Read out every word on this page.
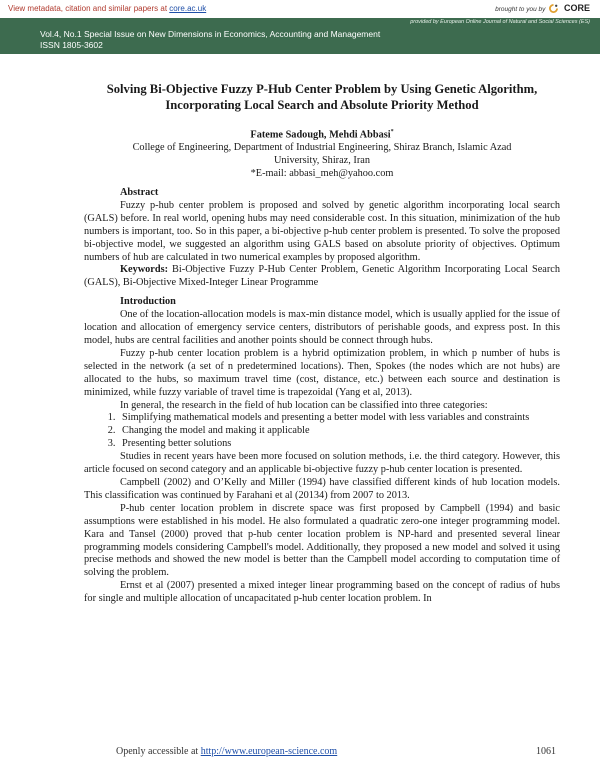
View metadata, citation and similar papers at core.ac.uk	brought to you by CORE
provided by European Online Journal of Natural and Social Sciences (ES)
Vol.4, No.1 Special Issue on New Dimensions in Economics, Accounting and Management
ISSN 1805-3602
Solving Bi-Objective Fuzzy P-Hub Center Problem by Using Genetic Algorithm,
Incorporating Local Search and Absolute Priority Method

Fateme Sadough, Mehdi Abbasi*

College of Engineering, Department of Industrial Engineering, Shiraz Branch, Islamic Azad

University, Shiraz, Iran

*E-mail: abbasi_meh@yahoo.com

Abstract

Fuzzy p-hub center problem is proposed and solved by genetic algorithm incorporating local search (GALS) before. In real world, opening hubs may need considerable cost. In this situation, minimization of the hub numbers is important, too. So in this paper, a bi-objective p-hub center problem is presented. To solve the proposed bi-objective model, we suggested an algorithm using GALS based on absolute priority of objectives. Optimum numbers of hub are calculated in two numerical examples by proposed algorithm.

Keywords: Bi-Objective Fuzzy P-Hub Center Problem, Genetic Algorithm Incorporating Local Search (GALS), Bi-Objective Mixed-Integer Linear Programme

Introduction

One of the location-allocation models is max-min distance model, which is usually applied for the issue of location and allocation of emergency service centers, distributors of perishable goods, and express post. In this model, hubs are central facilities and another points should be connect through hubs.

Fuzzy p-hub center location problem is a hybrid optimization problem, in which p number of hubs is selected in the network (a set of n predetermined locations). Then, Spokes (the nodes which are not hubs) are allocated to the hubs, so maximum travel time (cost, distance, etc.) between each source and destination is minimized, while fuzzy variable of travel time is trapezoidal (Yang et al, 2013).

In general, the research in the field of hub location can be classified into three categories:

1. Simplifying mathematical models and presenting a better model with less variables and constraints
2. Changing the model and making it applicable
3. Presenting better solutions

Studies in recent years have been more focused on solution methods, i.e. the third category. However, this article focused on second category and an applicable bi-objective fuzzy p-hub center location is presented.

Campbell (2002) and O’Kelly and Miller (1994) have classified different kinds of hub location models. This classification was continued by Farahani et al (20134) from 2007 to 2013.

P-hub center location problem in discrete space was first proposed by Campbell (1994) and basic assumptions were established in his model. He also formulated a quadratic zero-one integer programming model. Kara and Tansel (2000) proved that p-hub center location problem is NP-hard and presented several linear programming models considering Campbell's model. Additionally, they proposed a new model and solved it using precise methods and showed the new model is better than the Campbell model according to computation time of solving the problem.

Ernst et al (2007) presented a mixed integer linear programming based on the concept of radius of hubs for single and multiple allocation of uncapacitated p-hub center location problem. In

Openly accessible at http://www.european-science.com	1061
